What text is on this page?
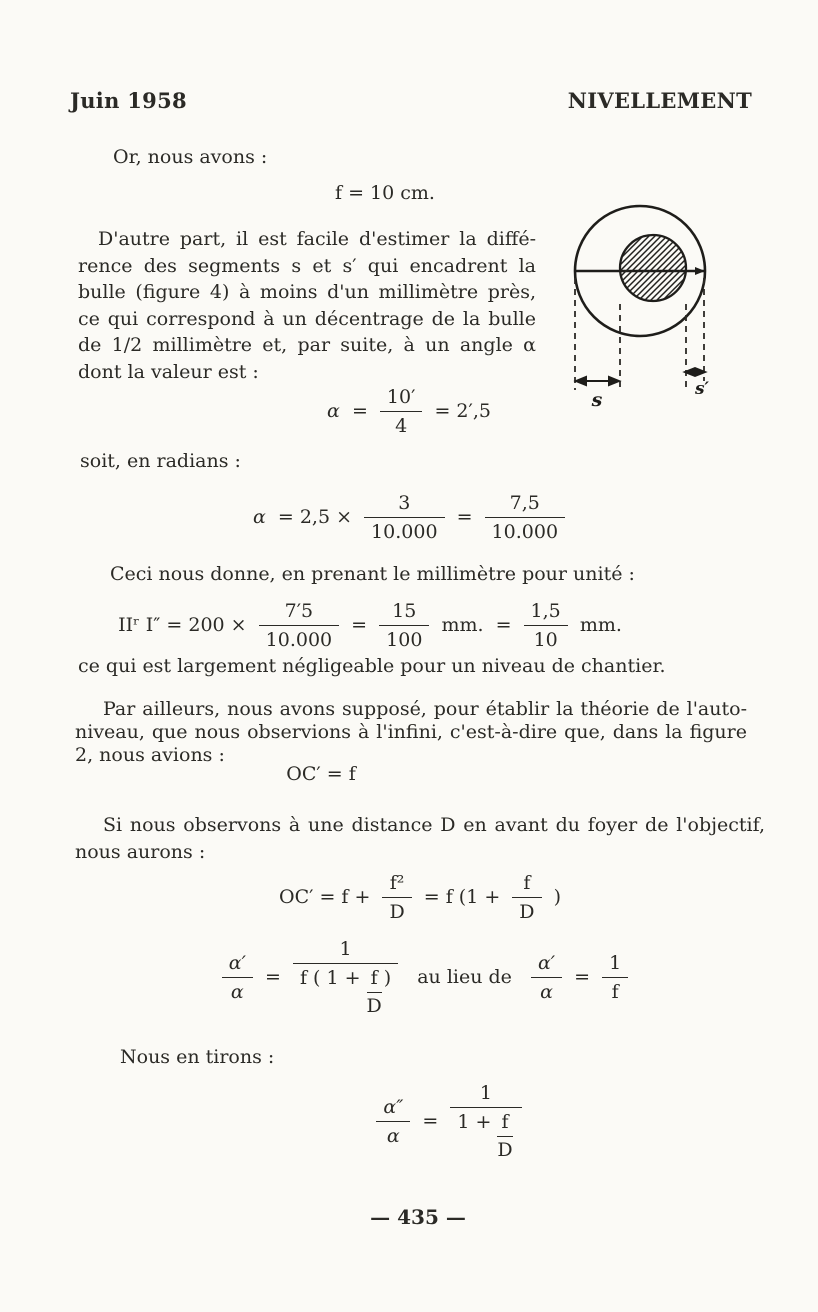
Juin 1958	NIVELLEMENT
Or, nous avons :
f = 10 cm.
D'autre part, il est facile d'estimer la différence des segments s et s′ qui encadrent la bulle (figure 4) à moins d'un millimètre près, ce qui correspond à un décentrage de la bulle de 1/2 millimètre et, par suite, à un angle α dont la valeur est :
s	s′
$\alpha = \frac{10'}{4} = 2',5$
soit, en radians :
$\alpha = 2,5 \times \frac{3}{10.000} = \frac{7,5}{10.000}$
Ceci nous donne, en prenant le millimètre pour unité :
IIʳ $I'' = 200 \times \frac{7'5}{10.000} = \frac{15}{100}$ mm. = $\frac{1,5}{10}$ mm.
ce qui est largement négligeable pour un niveau de chantier.
Par ailleurs, nous avons supposé, pour établir la théorie de l'auto-niveau, que nous observions à l'infini, c'est-à-dire que, dans la figure 2, nous avions :
OC′ = f
Si nous observons à une distance D en avant du foyer de l'objectif, nous aurons :
$OC' = f + \frac{\text{f²}}{D} = f$ ($1 + \frac{f}{D}$ )
$\frac{\alpha'}{\alpha} = \frac{1}{f ( 1 + \frac{f}{D} )}$ au lieu de $\frac{\alpha'}{\alpha} = \frac{1}{f}$
Nous en tirons :
$\frac{\alpha''}{\alpha} = \frac{1}{1 + \frac{f}{D}}$
— 435 —
